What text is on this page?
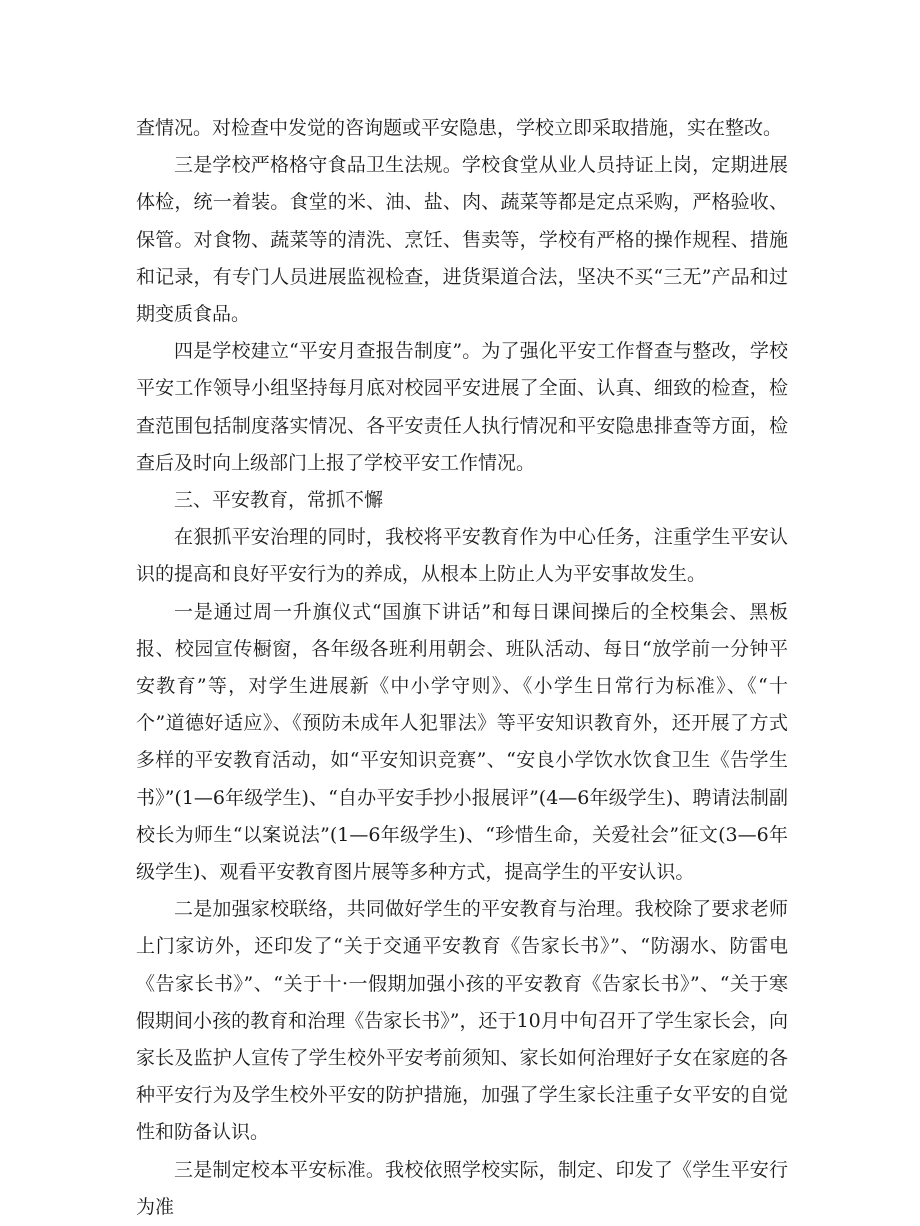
查情况。对检查中发觉的咨询题或平安隐患，学校立即采取措施，实在整改。

三是学校严格格守食品卫生法规。学校食堂从业人员持证上岗，定期进展体检，统一着装。食堂的米、油、盐、肉、蔬菜等都是定点采购，严格验收、保管。对食物、蔬菜等的清洗、烹饪、售卖等，学校有严格的操作规程、措施和记录，有专门人员进展监视检查，进货渠道合法，坚决不买“三无”产品和过期变质食品。

四是学校建立“平安月查报告制度”。为了强化平安工作督查与整改，学校平安工作领导小组坚持每月底对校园平安进展了全面、认真、细致的检查，检查范围包括制度落实情况、各平安责任人执行情况和平安隐患排查等方面，检查后及时向上级部门上报了学校平安工作情况。

三、平安教育，常抓不懈

在狠抓平安治理的同时，我校将平安教育作为中心任务，注重学生平安认识的提高和良好平安行为的养成，从根本上防止人为平安事故发生。

一是通过周一升旗仪式“国旗下讲话”和每日课间操后的全校集会、黑板报、校园宣传橱窗，各年级各班利用朝会、班队活动、每日“放学前一分钟平安教育”等，对学生进展新《中小学守则》、《小学生日常行为标准》、《“十个”道德好适应》、《预防未成年人犯罪法》等平安知识教育外，还开展了方式多样的平安教育活动，如“平安知识竞赛”、“安良小学饮水饮食卫生《告学生书》”(1—6年级学生)、“自办平安手抄小报展评”(4—6年级学生)、聘请法制副校长为师生“以案说法”(1—6年级学生)、“珍惜生命，关爱社会”征文(3—6年级学生)、观看平安教育图片展等多种方式，提高学生的平安认识。

二是加强家校联络，共同做好学生的平安教育与治理。我校除了要求老师上门家访外，还印发了“关于交通平安教育《告家长书》”、“防溺水、防雷电《告家长书》”、“关于十·一假期加强小孩的平安教育《告家长书》”、“关于寒假期间小孩的教育和治理《告家长书》”，还于10月中旬召开了学生家长会，向家长及监护人宣传了学生校外平安考前须知、家长如何治理好子女在家庭的各种平安行为及学生校外平安的防护措施，加强了学生家长注重子女平安的自觉性和防备认识。

三是制定校本平安标准。我校依照学校实际，制定、印发了《学生平安行为准
